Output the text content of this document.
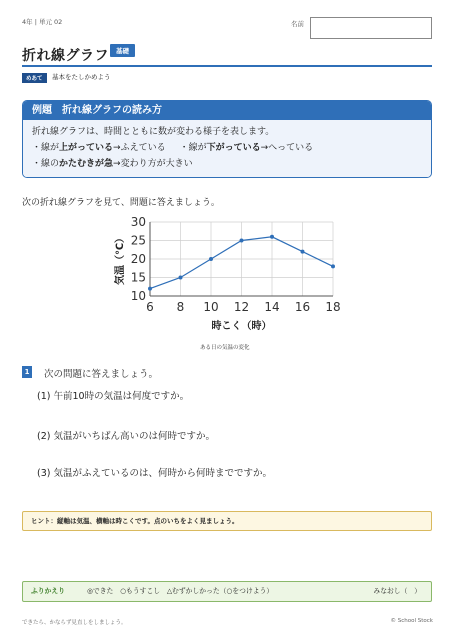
4年 | 単元 02	名前
折れ線グラフ	基礎
めあて	基本をたしかめよう
例題　折れ線グラフの読み方
折れ線グラフは、時間とともに数が変わる様子を表します。
・線が上がっている→ふえている ・線が下がっている→へっている
・線のかたむきが急→変わり方が大きい
次の折れ線グラフを見て、問題に答えましょう。
10
15
20
25
30
6 8 10 12 14 16 18
気温（℃）
時こく（時）
ある日の気温の変化
1 次の問題に答えましょう。
(1) 午前10時の気温は何度ですか。
(2) 気温がいちばん高いのは何時ですか。
(3) 気温がふえているのは、何時から何時までですか。
ヒント：縦軸は気温、横軸は時こくです。点のいちをよく見ましょう。
ふりかえり	◎できた　○もうすこし　△むずかしかった（○をつけよう）	みなおし（　）
できたら、かならず見直しをしましょう。	© School Stock
